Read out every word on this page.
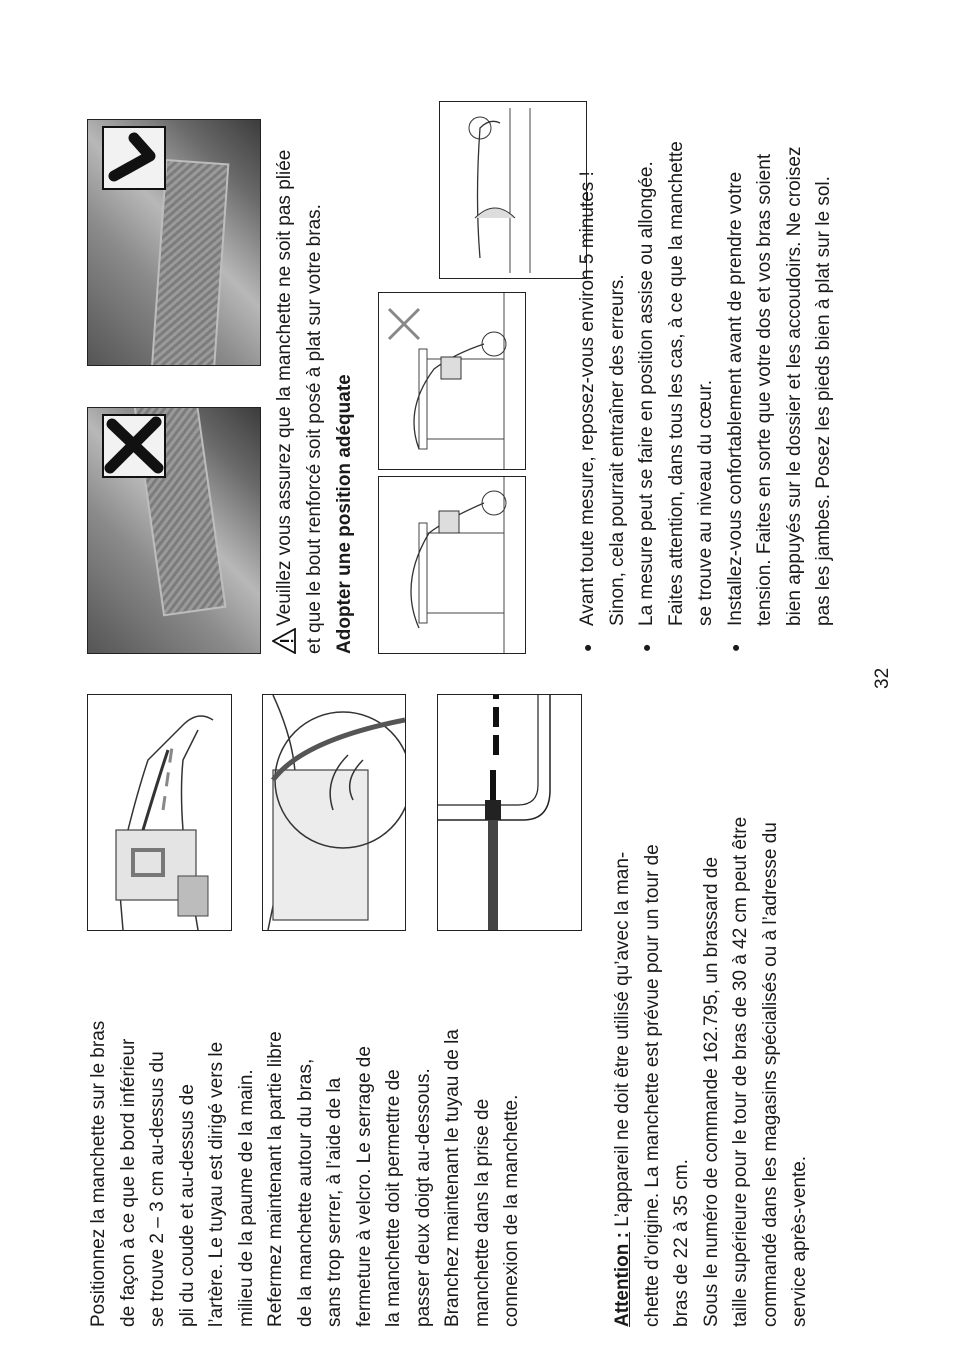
Positionnez la manchette sur le bras de façon à ce que le bord inférieur se trouve 2 – 3 cm au-dessus du pli du coude et au-dessus de l’artère. Le tuyau est dirigé vers le milieu de la paume de la main. Refermez maintenant la partie libre de la manchette autour du bras, sans trop serrer, à l’aide de la fermeture à velcro. Le serrage de la manchette doit permettre de passer deux doigt au-dessous. Branchez maintenant le tuyau de la manchette dans la prise de connexion de la manchette.	Attention : L’appareil ne doit être utilisé qu’avec la man- chette d’origine. La manchette est prévue pour un tour de bras de 22 à 35 cm. Sous le numéro de commande 162.795, un brassard de taille supérieure pour le tour de bras de 30 à 42 cm peut être commandé dans les magasins spécialisés ou à l’adresse du service après-vente.

Veuillez vous assurez que la manchette ne soit pas pliée et que le bout renforcé soit posé à plat sur votre bras. Adopter une position adéquate	● Avant toute mesure, reposez-vous environ 5 minutes ! Sinon, cela pourrait entraîner des erreurs. ● La mesure peut se faire en position assise ou allongée. Faites attention, dans tous les cas, à ce que la manchette se trouve au niveau du cœur. ● Installez-vous confortablement avant de prendre votre tension. Faites en sorte que votre dos et vos bras soient bien appuyés sur le dossier et les accoudoirs. Ne croisez pas les jambes. Posez les pieds bien à plat sur le sol.
32
